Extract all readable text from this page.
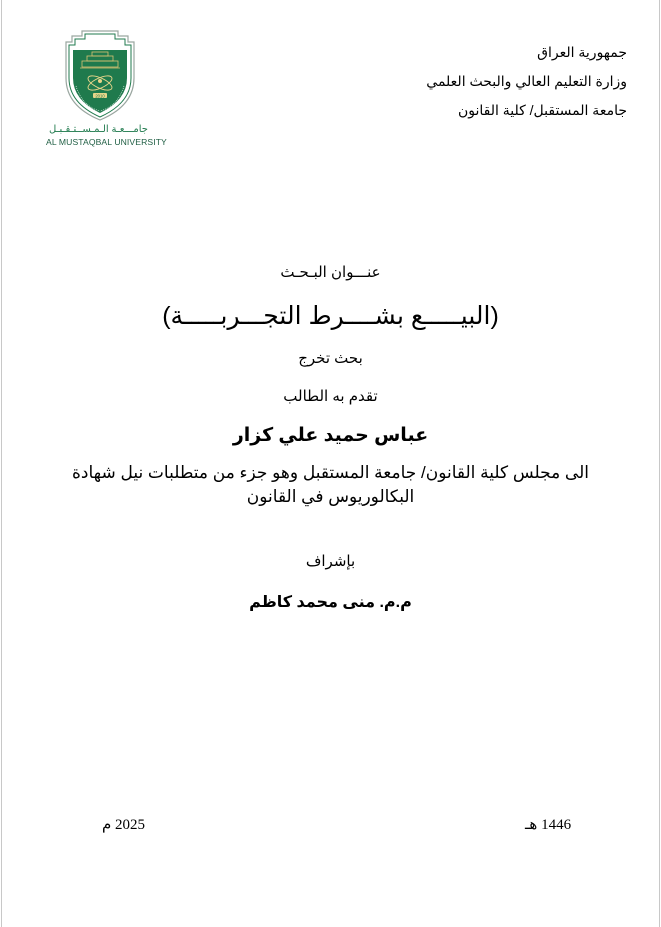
2010
جامـــعـة الـمـســتـقـبـل
AL MUSTAQBAL UNIVERSITY
جمهورية العراق
وزارة التعليم العالي والبحث العلمي
جامعة المستقبل/ كلية القانون
عنـــوان البـحـث
(البيـــــع بشــــرط التجـــربـــــة)
بحث تخرج
تقدم به الطالب
عباس حميد علي كزار
الى مجلس كلية القانون/ جامعة المستقبل وهو جزء من متطلبات نيل شهادة
البكالوريوس في القانون
بإشراف
م.م. منى محمد كاظم
1446 هـ
2025 م
